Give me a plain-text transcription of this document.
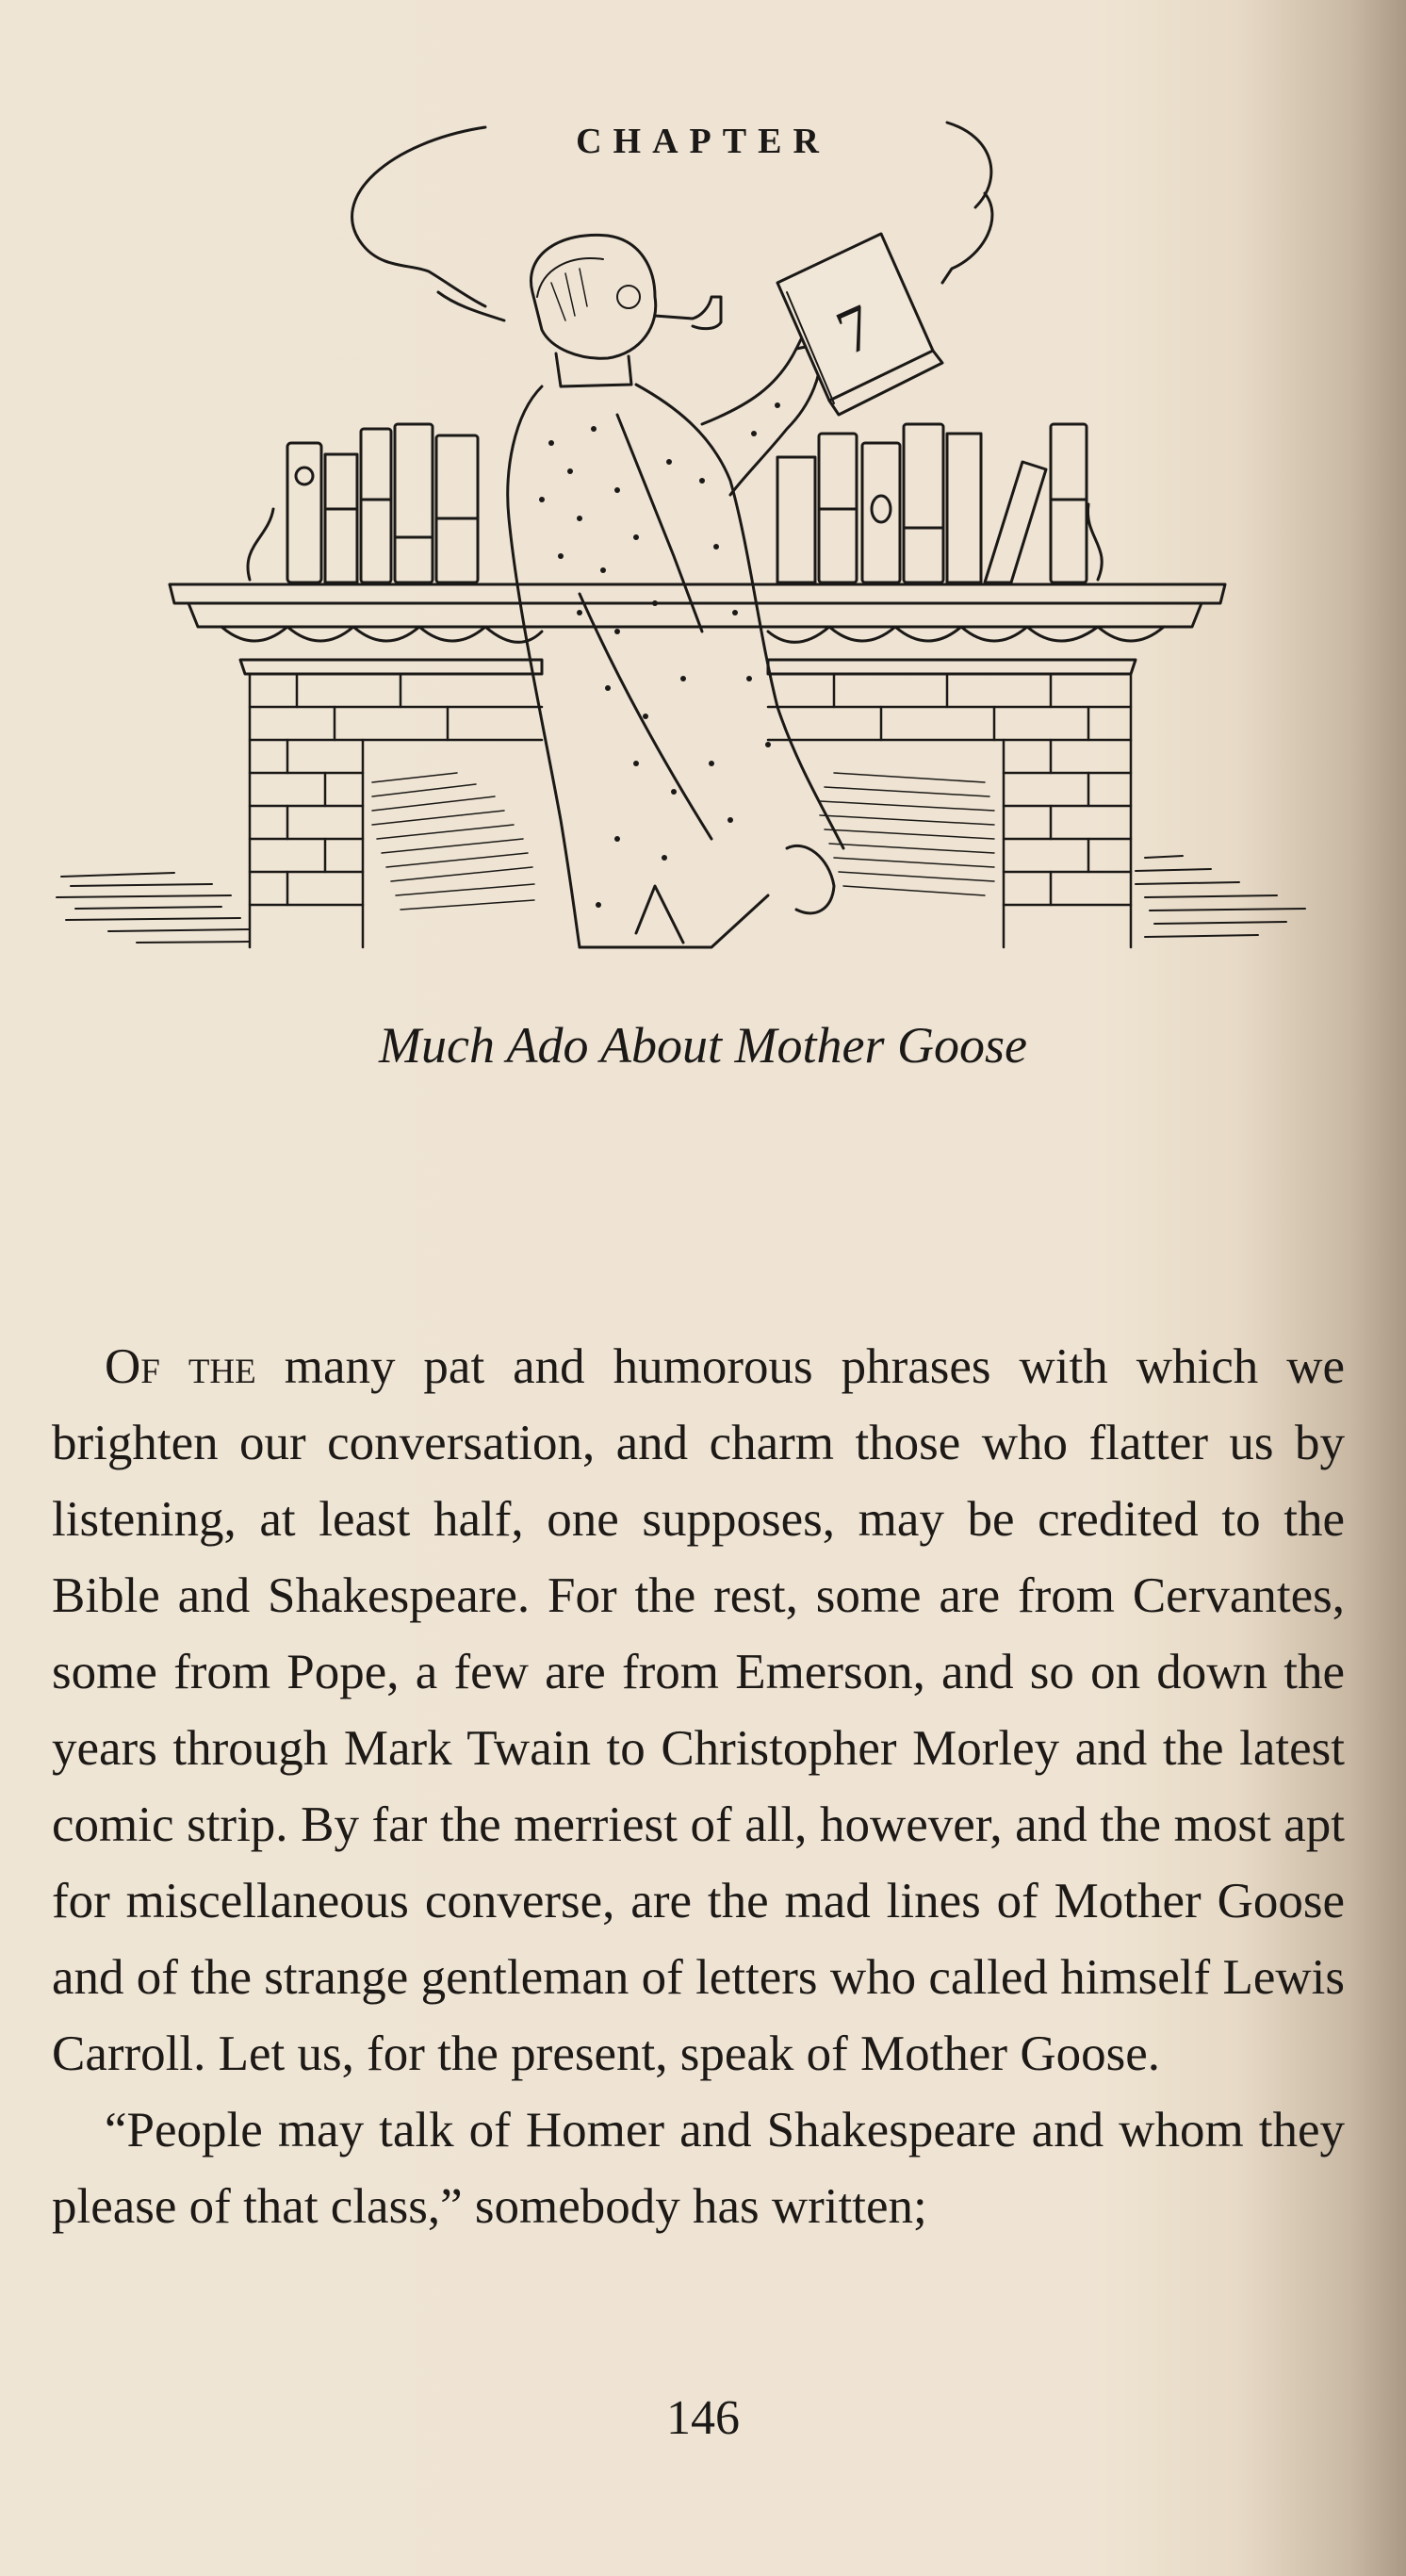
CHAPTER
7
Much Ado About Mother Goose

Of the many pat and humorous phrases with which we brighten our conversation, and charm those who flatter us by listening, at least half, one supposes, may be credited to the Bible and Shakespeare. For the rest, some are from Cervantes, some from Pope, a few are from Emerson, and so on down the years through Mark Twain to Christopher Morley and the latest comic strip. By far the merriest of all, however, and the most apt for miscellaneous converse, are the mad lines of Mother Goose and of the strange gentleman of letters who called himself Lewis Carroll. Let us, for the present, speak of Mother Goose.

“People may talk of Homer and Shakespeare and whom they please of that class,” somebody has written;

146
